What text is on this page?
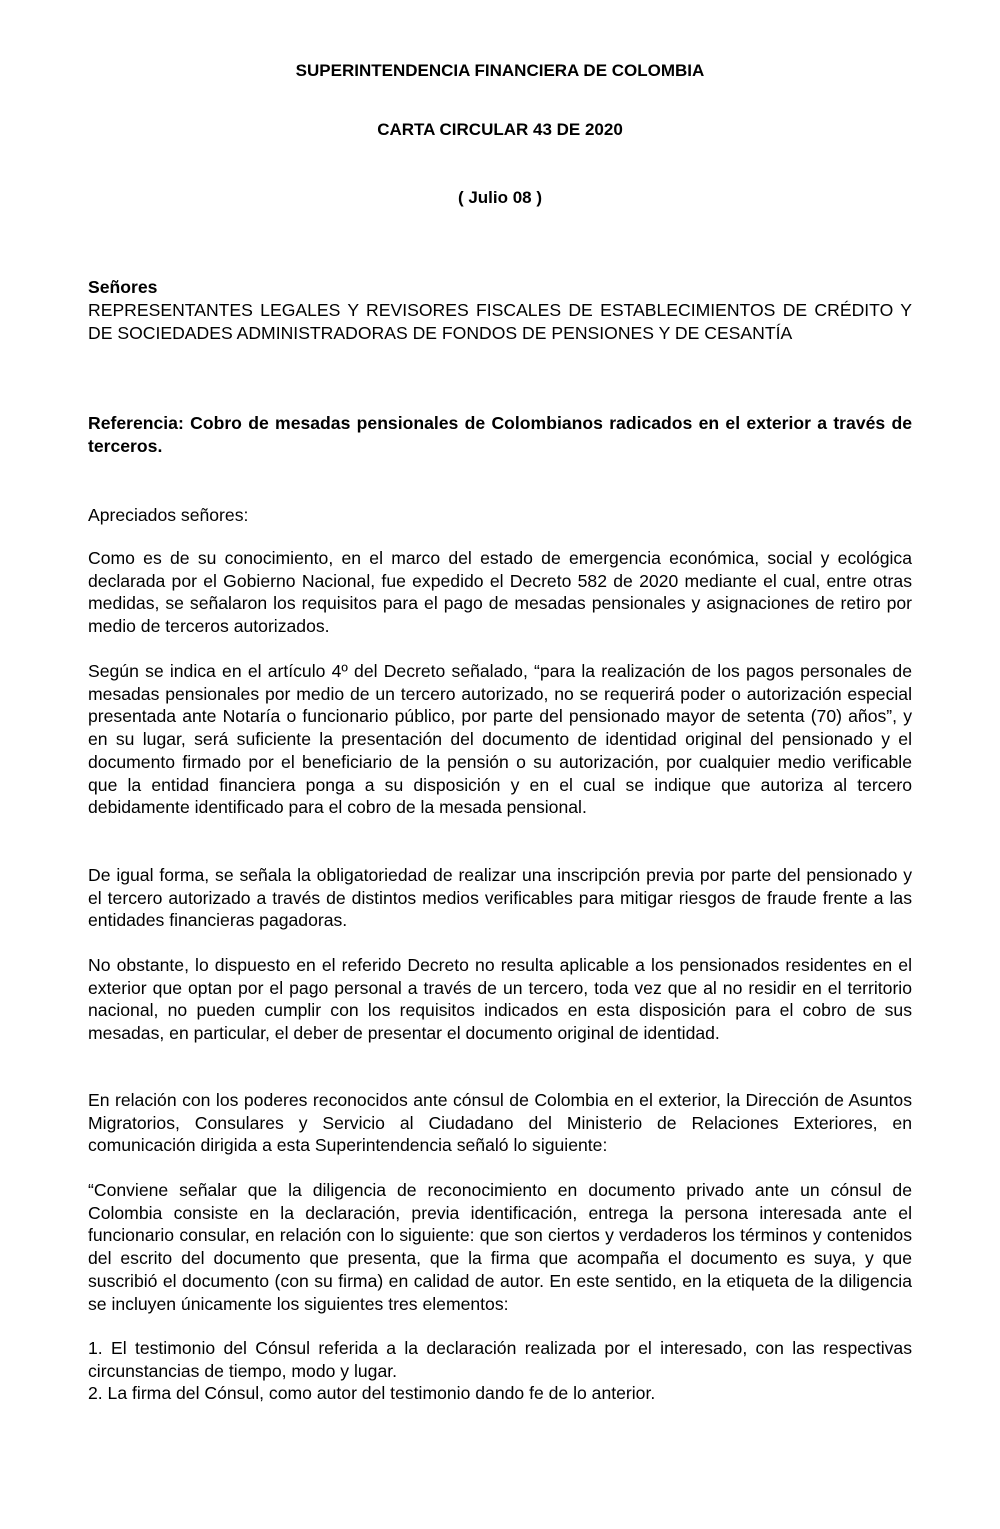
SUPERINTENDENCIA FINANCIERA DE COLOMBIA

CARTA CIRCULAR 43 DE 2020

( Julio 08 )

Señores

REPRESENTANTES LEGALES Y REVISORES FISCALES DE ESTABLECIMIENTOS DE CRÉDITO Y DE SOCIEDADES ADMINISTRADORAS DE FONDOS DE PENSIONES Y DE CESANTÍA

Referencia: Cobro de mesadas pensionales de Colombianos radicados en el exterior a través de terceros.

Apreciados señores:

Como es de su conocimiento, en el marco del estado de emergencia económica, social y ecológica declarada por el Gobierno Nacional, fue expedido el Decreto 582 de 2020 mediante el cual, entre otras medidas, se señalaron los requisitos para el pago de mesadas pensionales y asignaciones de retiro por medio de terceros autorizados.

Según se indica en el artículo 4º del Decreto señalado, “para la realización de los pagos personales de mesadas pensionales por medio de un tercero autorizado, no se requerirá poder o autorización especial presentada ante Notaría o funcionario público, por parte del pensionado mayor de setenta (70) años”, y en su lugar, será suficiente la presentación del documento de identidad original del pensionado y el documento firmado por el beneficiario de la pensión o su autorización, por cualquier medio verificable que la entidad financiera ponga a su disposición y en el cual se indique que autoriza al tercero debidamente identificado para el cobro de la mesada pensional.

De igual forma, se señala la obligatoriedad de realizar una inscripción previa por parte del pensionado y el tercero autorizado a través de distintos medios verificables para mitigar riesgos de fraude frente a las entidades financieras pagadoras.

No obstante, lo dispuesto en el referido Decreto no resulta aplicable a los pensionados residentes en el exterior que optan por el pago personal a través de un tercero, toda vez que al no residir en el territorio nacional, no pueden cumplir con los requisitos indicados en esta disposición para el cobro de sus mesadas, en particular, el deber de presentar el documento original de identidad.

En relación con los poderes reconocidos ante cónsul de Colombia en el exterior, la Dirección de Asuntos Migratorios, Consulares y Servicio al Ciudadano del Ministerio de Relaciones Exteriores, en comunicación dirigida a esta Superintendencia señaló lo siguiente:

“Conviene señalar que la diligencia de reconocimiento en documento privado ante un cónsul de Colombia consiste en la declaración, previa identificación, entrega la persona interesada ante el funcionario consular, en relación con lo siguiente: que son ciertos y verdaderos los términos y contenidos del escrito del documento que presenta, que la firma que acompaña el documento es suya, y que suscribió el documento (con su firma) en calidad de autor. En este sentido, en la etiqueta de la diligencia se incluyen únicamente los siguientes tres elementos:

1. El testimonio del Cónsul referida a la declaración realizada por el interesado, con las respectivas circunstancias de tiempo, modo y lugar.

2. La firma del Cónsul, como autor del testimonio dando fe de lo anterior.
